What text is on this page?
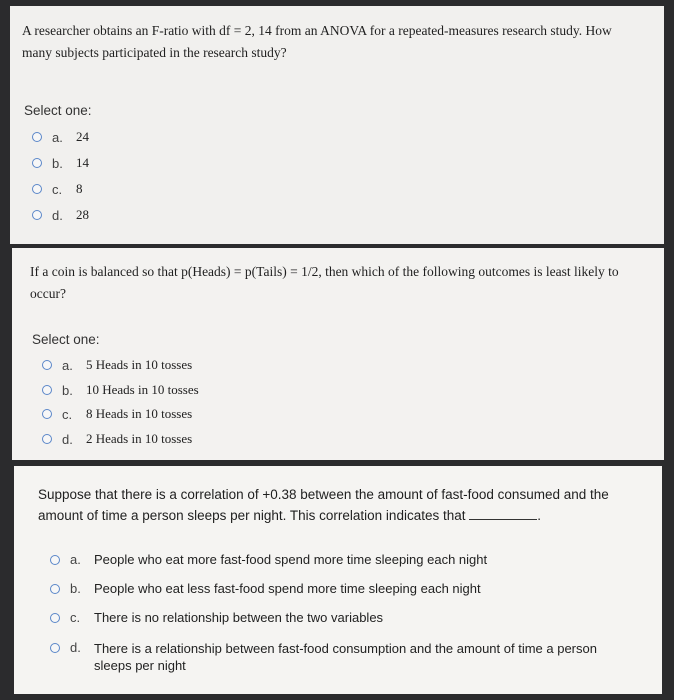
A researcher obtains an F-ratio with df = 2, 14 from an ANOVA for a repeated-measures research study. How
many subjects participated in the research study?
Select one:
a.	24
b.	14
c.	8
d.	28
If a coin is balanced so that p(Heads) = p(Tails) = 1/2, then which of the following outcomes is least likely to
occur?
Select one:
a.	5 Heads in 10 tosses
b.	10 Heads in 10 tosses
c.	8 Heads in 10 tosses
d.	2 Heads in 10 tosses
Suppose that there is a correlation of +0.38 between the amount of fast-food consumed and the
amount of time a person sleeps per night. This correlation indicates that	.
a.	People who eat more fast-food spend more time sleeping each night
b.	People who eat less fast-food spend more time sleeping each night
c.	There is no relationship between the two variables
d.	There is a relationship between fast-food consumption and the amount of time a person
sleeps per night
